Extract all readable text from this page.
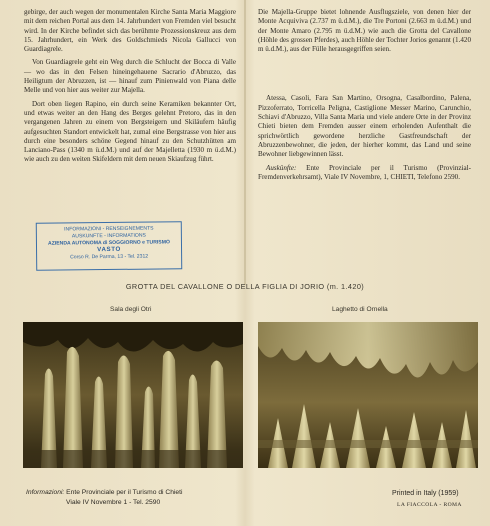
gebirge, der auch wegen der monumentalen Kirche Santa Maria Maggiore mit dem reichen Portal aus dem 14. Jahrhundert von Fremden viel besucht wird. In der Kirche befindet sich das berühmte Prozessionskreuz aus dem 15. Jahrhundert, ein Werk des Goldschmieds Nicola Gallucci von Guardiagrele.

Von Guardiagrele geht ein Weg durch die Schlucht der Bocca di Valle — wo das in den Felsen hineingehauene Sacrario d'Abruzzo, das Heiligtum der Abruzzen, ist — hinauf zum Pinienwald von Piana delle Melle und von hier aus weiter zur Majella.

Dort oben liegen Rapino, ein durch seine Keramiken bekannter Ort, und etwas weiter an den Hang des Berges gelehnt Pretoro, das in den vergangenen Jahren zu einem von Bergsteigern und Skiläufern häufig aufgesuchten Standort entwickelt hat, zumal eine Bergstrasse von hier aus durch eine besonders schöne Gegend hinauf zu den Schutzhütten am Lanciano-Pass (1340 m ü.d.M.) und auf der Majelletta (1930 m ü.d.M.) wie auch zu den weiten Skifeldern mit dem neuen Skiaufzug führt.

INFORMAZIONI - RENSEIGNEMENTS
AUSKUNFTE - INFORMATIONS
AZIENDA AUTONOMA di SOGGIORNO e TURISMO
VASTO
Corso R. De Parma, 13 - Tel. 2312

Die Majella-Gruppe bietet lohnende Ausflugsziele, von denen hier der Monte Acquiviva (2.737 m ü.d.M.), die Tre Portoni (2.663 m ü.d.M.) und der Monte Amaro (2.795 m ü.d.M.) wie auch die Grotta del Cavallone (Höhle des grossen Pferdes), auch Höhle der Tochter Jorios genannt (1.420 m ü.d.M.), aus der Fülle herausgegriffen seien.

Atessa, Casoli, Fara San Martino, Orsogna, Casalbordino, Palena, Pizzoferrato, Torricella Peligna, Castiglione Messer Marino, Carunchio, Schiavi d'Abruzzo, Villa Santa Maria und viele andere Orte in der Provinz Chieti bieten dem Fremden ausser einem erholenden Aufenthalt die sprichwörtlich gewordene herzliche Gastfreundschaft der Abruzzenbewohner, die jeden, der hierher kommt, das Land und seine Bewohner liebgewinnen lässt.

Auskünfte: Ente Provinciale per il Turismo (Provinzial-Fremdenverkehrsamt), Viale IV Novembre, 1, CHIETI, Telefono 2590.

GROTTA DEL CAVALLONE O DELLA FIGLIA DI JORIO (m. 1.420)
Sala degli Otri	Laghetto di Ornella
Informazioni: Ente Provinciale per il Turismo di Chieti
Viale IV Novembre 1 - Tel. 2590
Printed in Italy (1959)
LA FIACCOLA - ROMA
